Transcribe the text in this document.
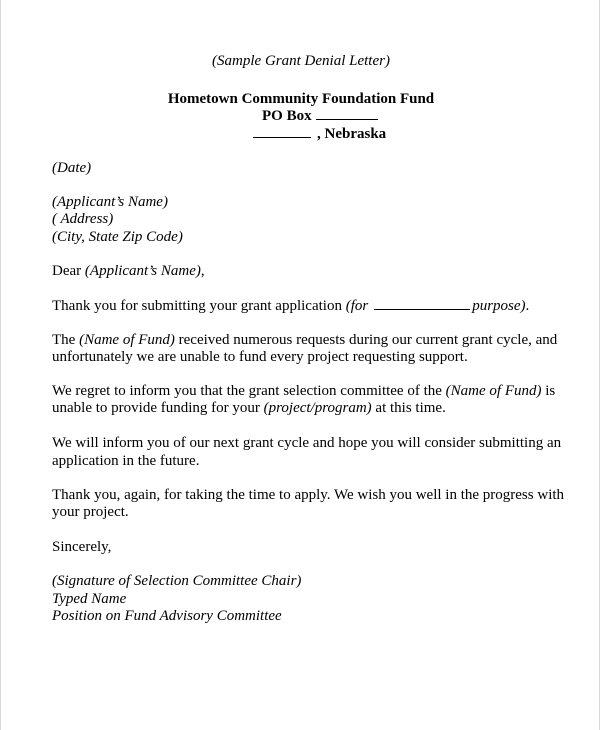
(Sample Grant Denial Letter)
Hometown Community Foundation Fund
PO Box
, Nebraska
(Date)
(Applicant’s Name)
( Address)
(City, State Zip Code)
Dear (Applicant’s Name),
Thank you for submitting your grant application (for	purpose).
The (Name of Fund) received numerous requests during our current grant cycle, and
unfortunately we are unable to fund every project requesting support.
We regret to inform you that the grant selection committee of the (Name of Fund) is
unable to provide funding for your (project/program) at this time.
We will inform you of our next grant cycle and hope you will consider submitting an
application in the future.
Thank you, again, for taking the time to apply. We wish you well in the progress with
your project.
Sincerely,
(Signature of Selection Committee Chair)
Typed Name
Position on Fund Advisory Committee
